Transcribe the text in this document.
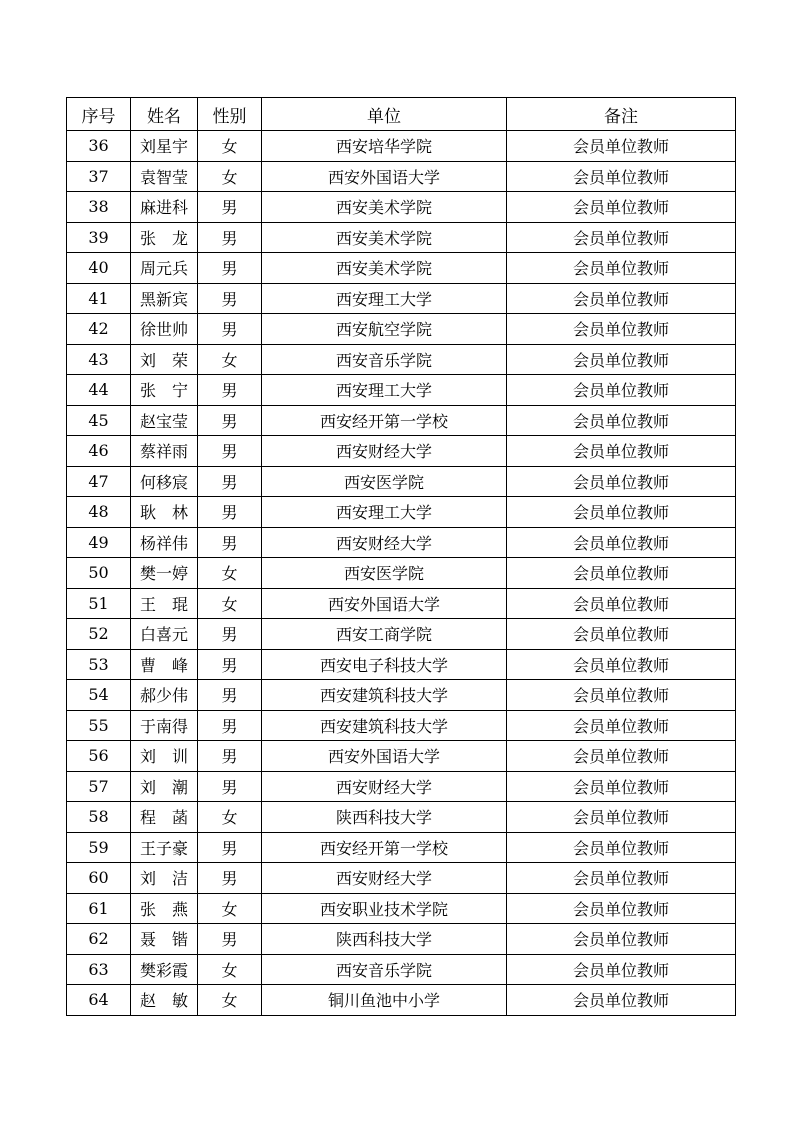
序号	姓名	性别	单位	备注
36	刘星宇	女	西安培华学院	会员单位教师
37	袁智莹	女	西安外国语大学	会员单位教师
38	麻进科	男	西安美术学院	会员单位教师
39	张　龙	男	西安美术学院	会员单位教师
40	周元兵	男	西安美术学院	会员单位教师
41	黑新宾	男	西安理工大学	会员单位教师
42	徐世帅	男	西安航空学院	会员单位教师
43	刘　荣	女	西安音乐学院	会员单位教师
44	张　宁	男	西安理工大学	会员单位教师
45	赵宝莹	男	西安经开第一学校	会员单位教师
46	蔡祥雨	男	西安财经大学	会员单位教师
47	何移宸	男	西安医学院	会员单位教师
48	耿　林	男	西安理工大学	会员单位教师
49	杨祥伟	男	西安财经大学	会员单位教师
50	樊一婷	女	西安医学院	会员单位教师
51	王　琨	女	西安外国语大学	会员单位教师
52	白喜元	男	西安工商学院	会员单位教师
53	曹　峰	男	西安电子科技大学	会员单位教师
54	郝少伟	男	西安建筑科技大学	会员单位教师
55	于南得	男	西安建筑科技大学	会员单位教师
56	刘　训	男	西安外国语大学	会员单位教师
57	刘　潮	男	西安财经大学	会员单位教师
58	程　菡	女	陕西科技大学	会员单位教师
59	王子豪	男	西安经开第一学校	会员单位教师
60	刘　洁	男	西安财经大学	会员单位教师
61	张　燕	女	西安职业技术学院	会员单位教师
62	聂　锴	男	陕西科技大学	会员单位教师
63	樊彩霞	女	西安音乐学院	会员单位教师
64	赵　敏	女	铜川鱼池中小学	会员单位教师
